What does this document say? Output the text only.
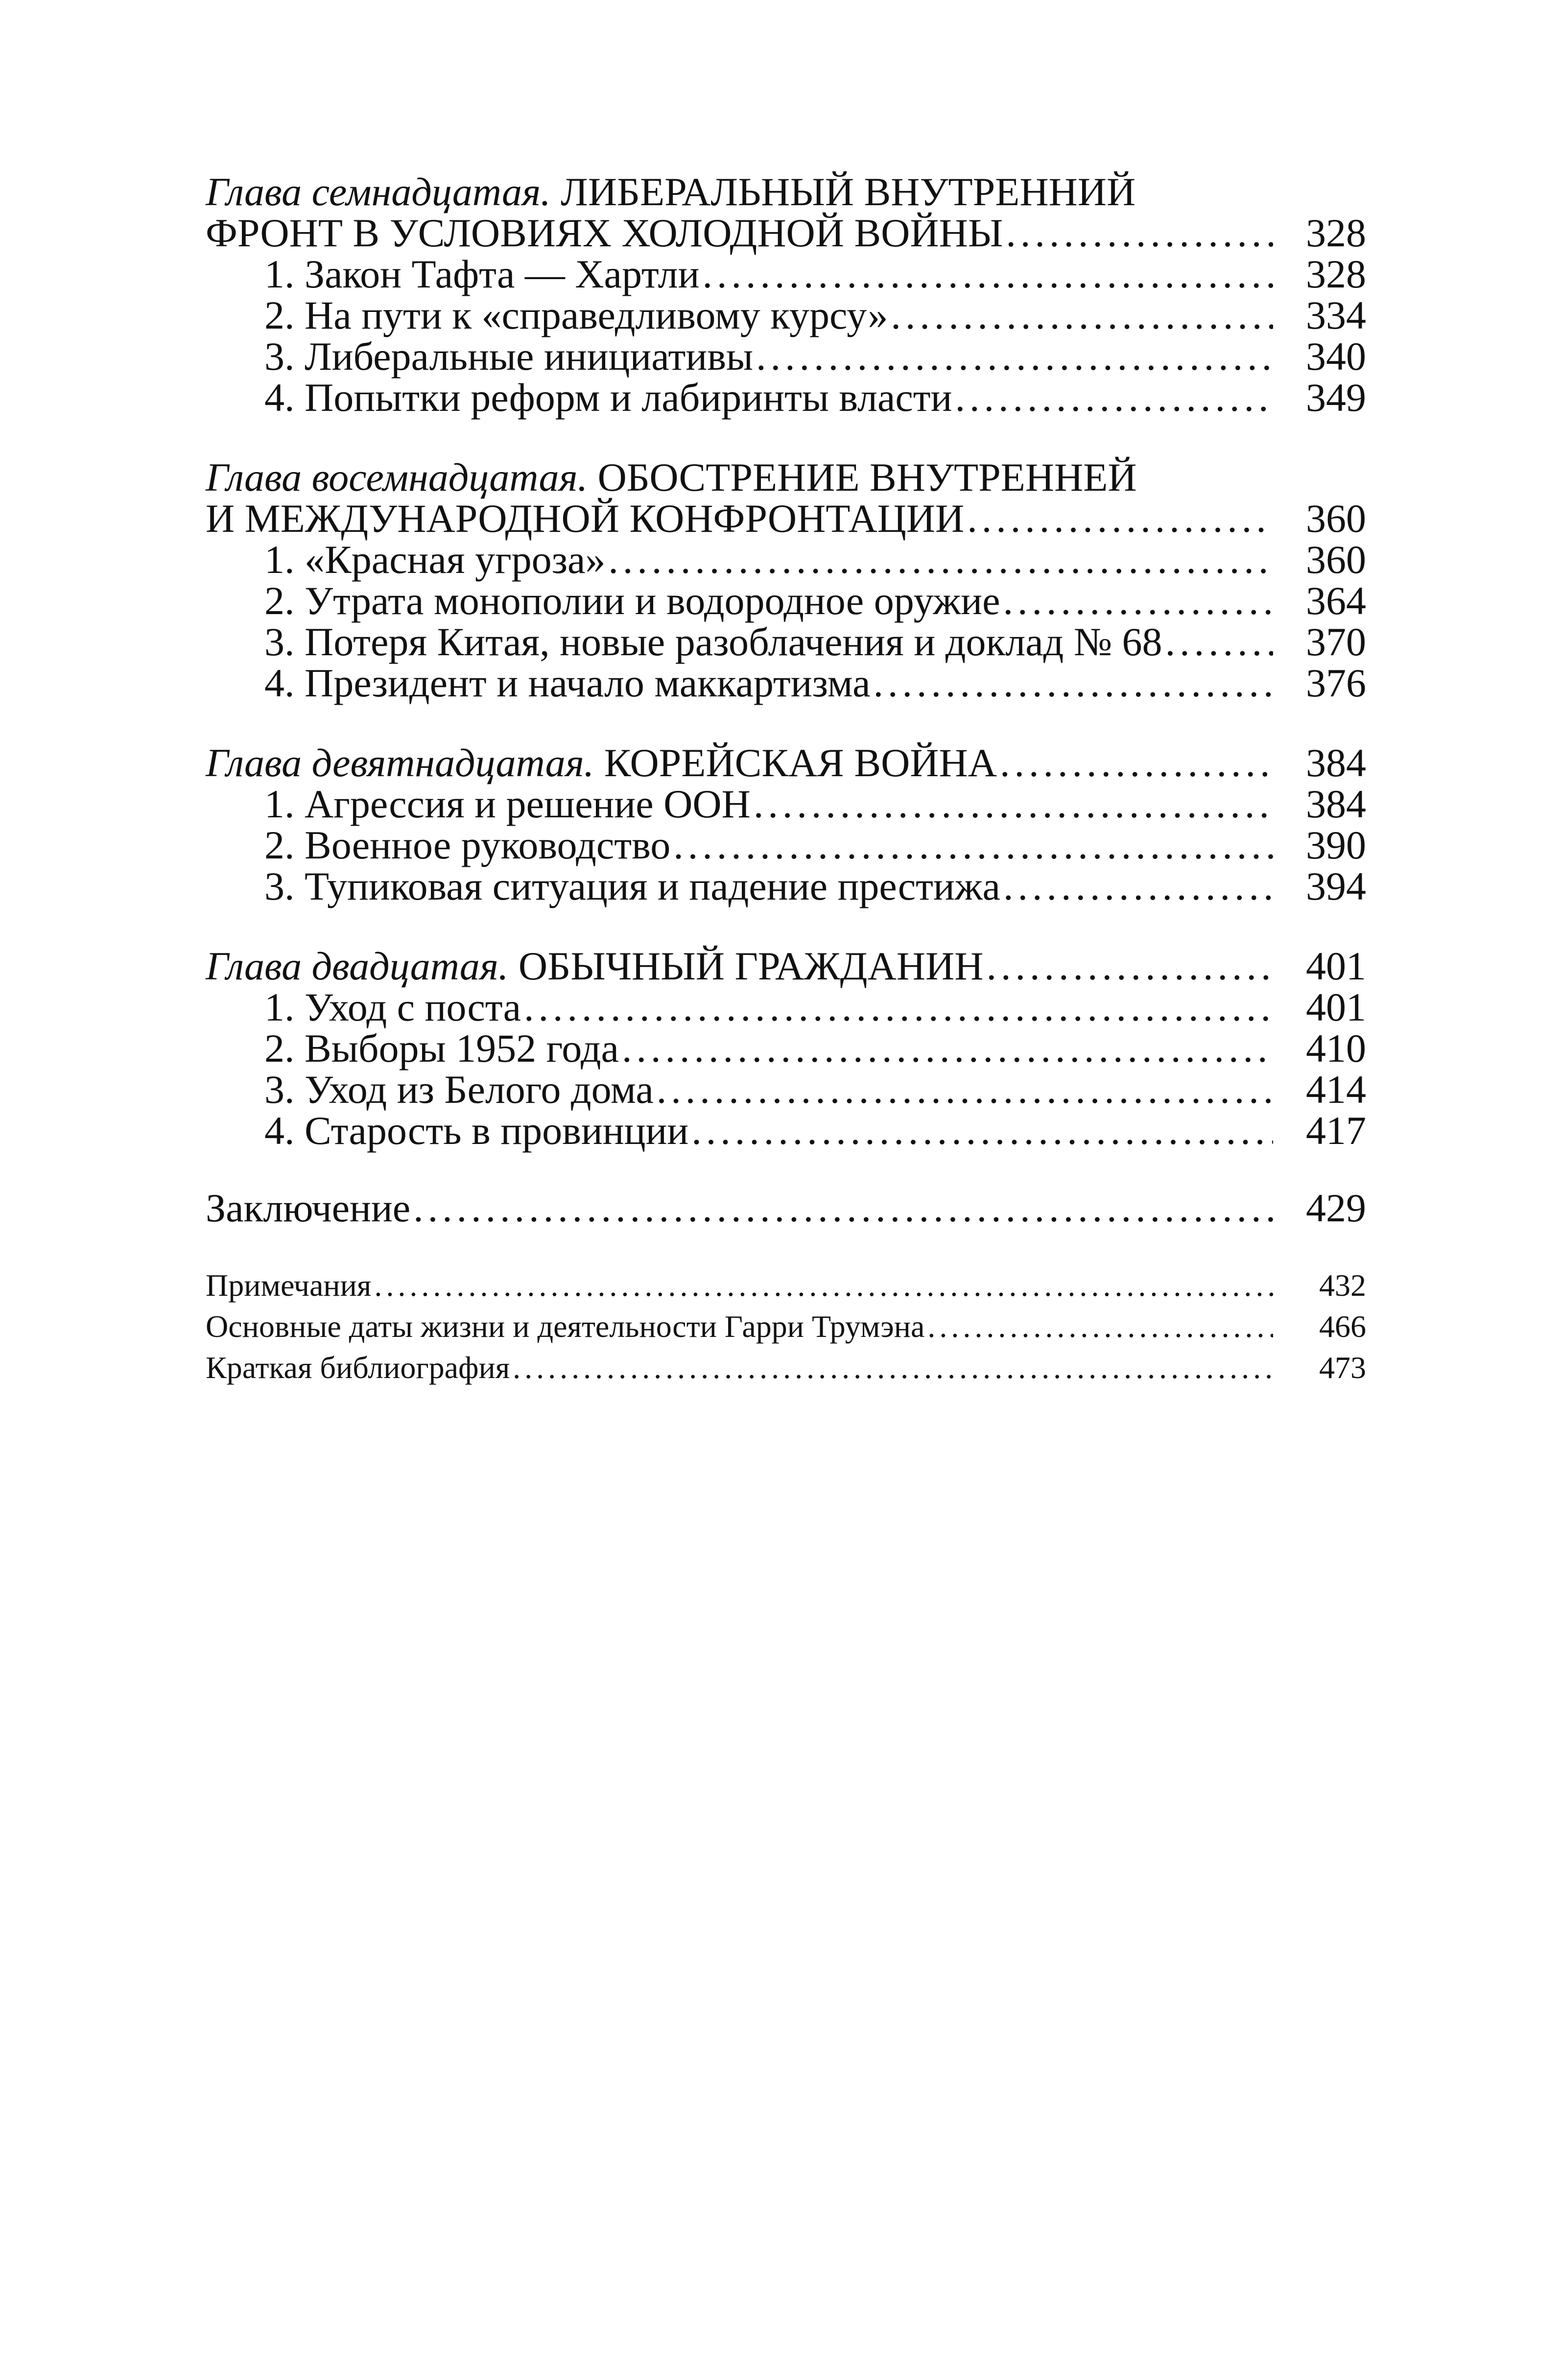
Глава семнадцатая. ЛИБЕРАЛЬНЫЙ ВНУТРЕННИЙ
ФРОНТ В УСЛОВИЯХ ХОЛОДНОЙ ВОЙНЫ .....	328
1. Закон Тафта — Хартли .....	328
2. На пути к «справедливому курсу» .....	334
3. Либеральные инициативы .....	340
4. Попытки реформ и лабиринты власти .....	349
Глава восемнадцатая. ОБОСТРЕНИЕ ВНУТРЕННЕЙ
И МЕЖДУНАРОДНОЙ КОНФРОНТАЦИИ .....	360
1. «Красная угроза» .....	360
2. Утрата монополии и водородное оружие .....	364
3. Потеря Китая, новые разоблачения и доклад № 68 .....	370
4. Президент и начало маккартизма .....	376
Глава девятнадцатая. КОРЕЙСКАЯ ВОЙНА .....	384
1. Агрессия и решение ООН .....	384
2. Военное руководство .....	390
3. Тупиковая ситуация и падение престижа .....	394
Глава двадцатая. ОБЫЧНЫЙ ГРАЖДАНИН .....	401
1. Уход с поста .....	401
2. Выборы 1952 года .....	410
3. Уход из Белого дома .....	414
4. Старость в провинции .....	417
Заключение .....	429
Примечания .....	432
Основные даты жизни и деятельности Гарри Трумэна .....	466
Краткая библиография .....	473
